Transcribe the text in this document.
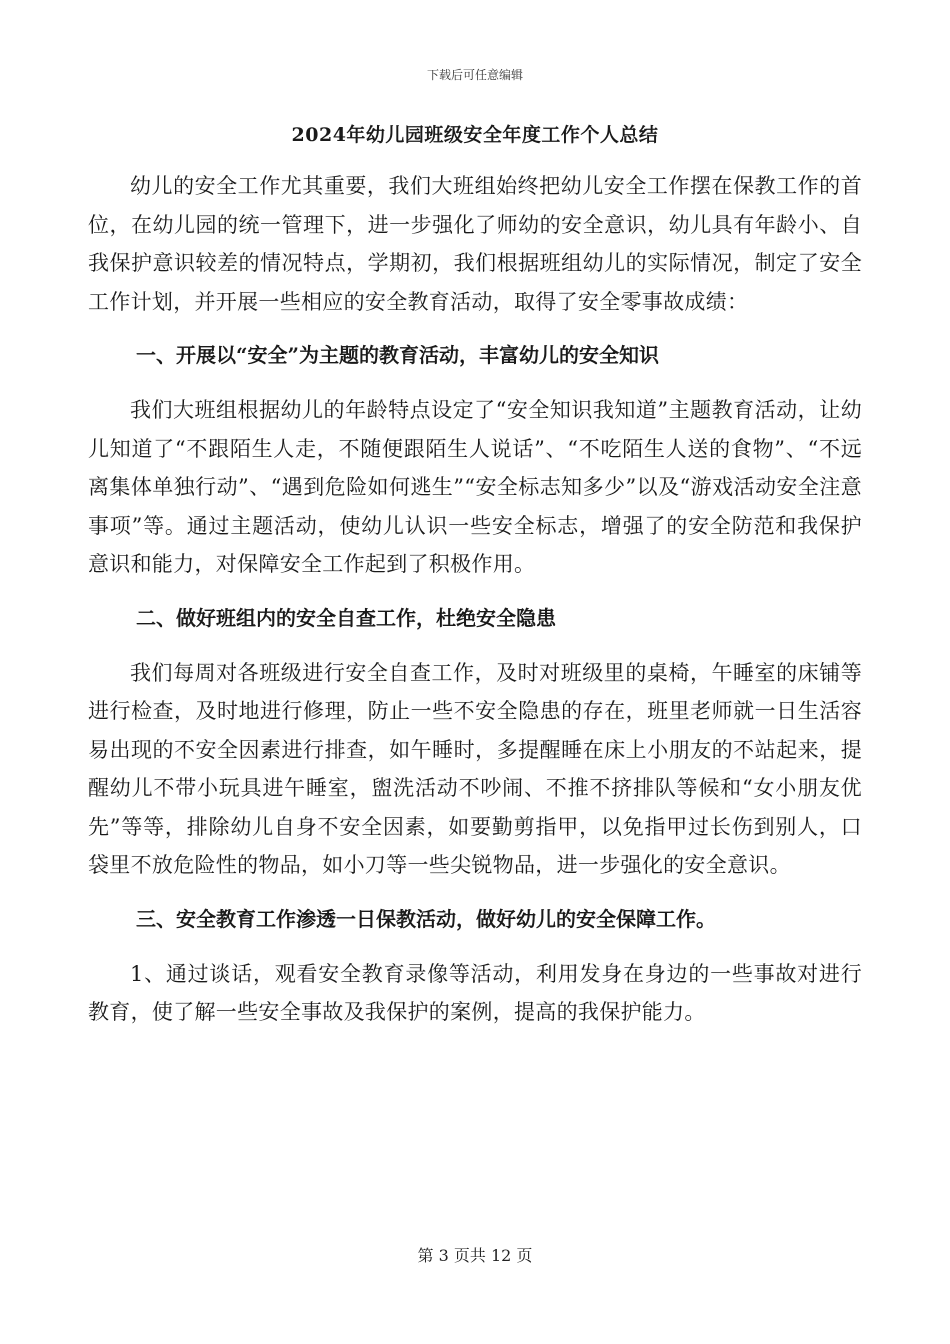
下载后可任意编辑
2024年幼儿园班级安全年度工作个人总结

幼儿的安全工作尤其重要，我们大班组始终把幼儿安全工作摆在保教工作的首位，在幼儿园的统一管理下，进一步强化了师幼的安全意识，幼儿具有年龄小、自我保护意识较差的情况特点，学期初，我们根据班组幼儿的实际情况，制定了安全工作计划，并开展一些相应的安全教育活动，取得了安全零事故成绩：

一、开展以“安全”为主题的教育活动，丰富幼儿的安全知识

我们大班组根据幼儿的年龄特点设定了“安全知识我知道”主题教育活动，让幼儿知道了“不跟陌生人走，不随便跟陌生人说话”、“不吃陌生人送的食物”、“不远离集体单独行动”、“遇到危险如何逃生”“安全标志知多少”以及“游戏活动安全注意事项”等。通过主题活动，使幼儿认识一些安全标志，增强了的安全防范和我保护意识和能力，对保障安全工作起到了积极作用。

二、做好班组内的安全自查工作，杜绝安全隐患

我们每周对各班级进行安全自查工作，及时对班级里的桌椅，午睡室的床铺等进行检查，及时地进行修理，防止一些不安全隐患的存在，班里老师就一日生活容易出现的不安全因素进行排查，如午睡时，多提醒睡在床上小朋友的不站起来，提醒幼儿不带小玩具进午睡室，盥洗活动不吵闹、不推不挤排队等候和“女小朋友优先”等等，排除幼儿自身不安全因素，如要勤剪指甲，以免指甲过长伤到别人，口袋里不放危险性的物品，如小刀等一些尖锐物品，进一步强化的安全意识。

三、安全教育工作渗透一日保教活动，做好幼儿的安全保障工作。

1、通过谈话，观看安全教育录像等活动，利用发身在身边的一些事故对进行教育，使了解一些安全事故及我保护的案例，提高的我保护能力。

第 3 页共 12 页
